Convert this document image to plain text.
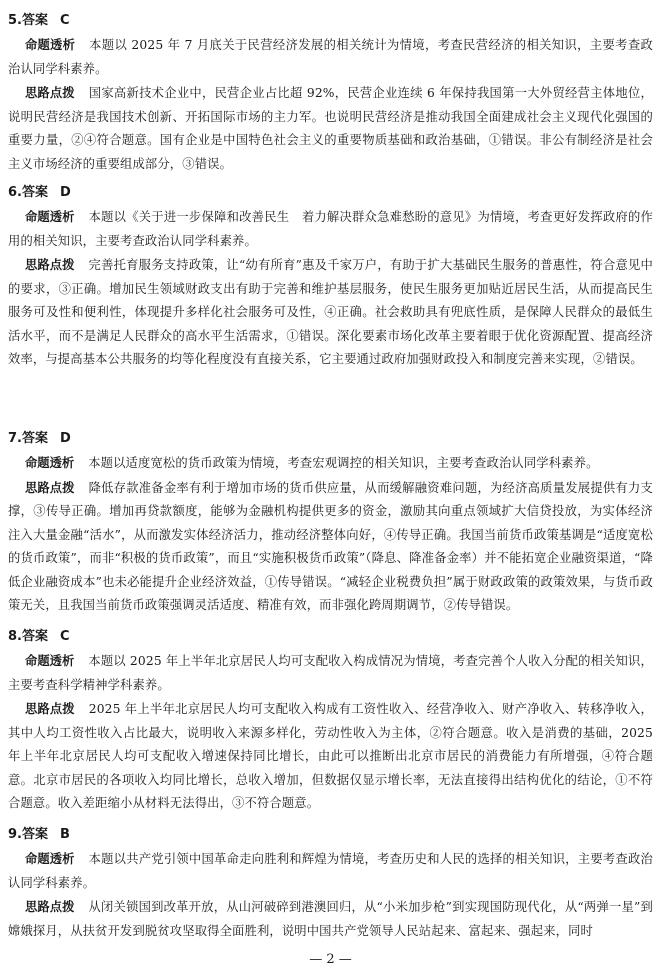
5.答案 C
命题透析 本题以 2025 年 7 月底关于民营经济发展的相关统计为情境，考查民营经济的相关知识，主要考查政治认同学科素养。
思路点拨 国家高新技术企业中，民营企业占比超 92%，民营企业连续 6 年保持我国第一大外贸经营主体地位，说明民营经济是我国技术创新、开拓国际市场的主力军。也说明民营经济是推动我国全面建成社会主义现代化强国的重要力量，②④符合题意。国有企业是中国特色社会主义的重要物质基础和政治基础，①错误。非公有制经济是社会主义市场经济的重要组成部分，③错误。
6.答案 D
命题透析 本题以《关于进一步保障和改善民生　着力解决群众急难愁盼的意见》为情境，考查更好发挥政府的作用的相关知识，主要考查政治认同学科素养。
思路点拨 完善托育服务支持政策，让“幼有所育”惠及千家万户，有助于扩大基础民生服务的普惠性，符合意见中的要求，③正确。增加民生领域财政支出有助于完善和维护基层服务，使民生服务更加贴近居民生活，从而提高民生服务可及性和便利性，体现提升多样化社会服务可及性，④正确。社会救助具有兜底性质，是保障人民群众的最低生活水平，而不是满足人民群众的高水平生活需求，①错误。深化要素市场化改革主要着眼于优化资源配置、提高经济效率，与提高基本公共服务的均等化程度没有直接关系，它主要通过政府加强财政投入和制度完善来实现，②错误。
7.答案 D
命题透析 本题以适度宽松的货币政策为情境，考查宏观调控的相关知识，主要考查政治认同学科素养。
思路点拨 降低存款准备金率有利于增加市场的货币供应量，从而缓解融资难问题，为经济高质量发展提供有力支撑，③传导正确。增加再贷款额度，能够为金融机构提供更多的资金，激励其向重点领域扩大信贷投放，为实体经济注入大量金融“活水”，从而激发实体经济活力，推动经济整体向好，④传导正确。我国当前货币政策基调是“适度宽松的货币政策”，而非“积极的货币政策”，而且“实施积极货币政策”（降息、降准备金率）并不能拓宽企业融资渠道，“降低企业融资成本”也未必能提升企业经济效益，①传导错误。“减轻企业税费负担”属于财政政策的政策效果，与货币政策无关，且我国当前货币政策强调灵活适度、精准有效，而非强化跨周期调节，②传导错误。
8.答案 C
命题透析 本题以 2025 年上半年北京居民人均可支配收入构成情况为情境，考查完善个人收入分配的相关知识，主要考查科学精神学科素养。
思路点拨 2025 年上半年北京居民人均可支配收入构成有工资性收入、经营净收入、财产净收入、转移净收入，其中人均工资性收入占比最大，说明收入来源多样化，劳动性收入为主体，②符合题意。收入是消费的基础，2025 年上半年北京居民人均可支配收入增速保持同比增长，由此可以推断出北京市居民的消费能力有所增强，④符合题意。北京市居民的各项收入均同比增长，总收入增加，但数据仅显示增长率，无法直接得出结构优化的结论，①不符合题意。收入差距缩小从材料无法得出，③不符合题意。
9.答案 B
命题透析 本题以共产党引领中国革命走向胜利和辉煌为情境，考查历史和人民的选择的相关知识，主要考查政治认同学科素养。
思路点拨 从闭关锁国到改革开放，从山河破碎到港澳回归，从“小米加步枪”到实现国防现代化，从“两弹一星”到嫦娥探月，从扶贫开发到脱贫攻坚取得全面胜利，说明中国共产党领导人民站起来、富起来、强起来，同时
— 2 —
